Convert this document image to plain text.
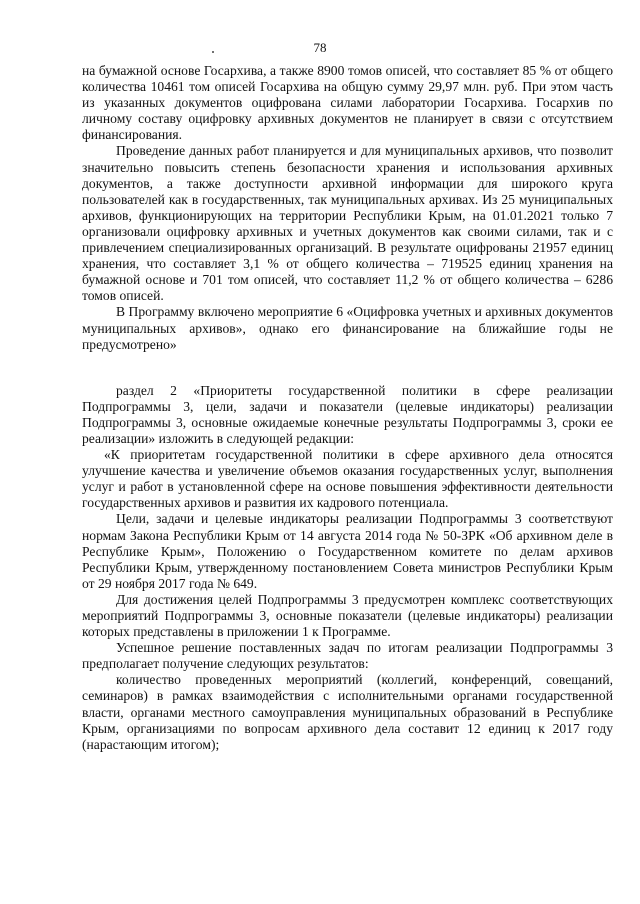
78

на бумажной основе Госархива, а также 8900 томов описей, что составляет 85 % от общего количества 10461 том описей Госархива на общую сумму 29,97 млн. руб. При этом часть из указанных документов оцифрована силами лаборатории Госархива. Госархив по личному составу оцифровку архивных документов не планирует в связи с отсутствием финансирования.

Проведение данных работ планируется и для муниципальных архивов, что позволит значительно повысить степень безопасности хранения и использования архивных документов, а также доступности архивной информации для широкого круга пользователей как в государственных, так муниципальных архивах. Из 25 муниципальных архивов, функционирующих на территории Республики Крым, на 01.01.2021 только 7 организовали оцифровку архивных и учетных документов как своими силами, так и с привлечением специализированных организаций. В результате оцифрованы 21957 единиц хранения, что составляет 3,1 % от общего количества – 719525 единиц хранения на бумажной основе и 701 том описей, что составляет 11,2 % от общего количества – 6286 томов описей.

В Программу включено мероприятие 6 «Оцифровка учетных и архивных документов муниципальных архивов», однако его финансирование на ближайшие годы не предусмотрено»

раздел 2 «Приоритеты государственной политики в сфере реализации Подпрограммы 3, цели, задачи и показатели (целевые индикаторы) реализации Подпрограммы 3, основные ожидаемые конечные результаты Подпрограммы 3, сроки ее реализации» изложить в следующей редакции:

«К приоритетам государственной политики в сфере архивного дела относятся улучшение качества и увеличение объемов оказания государственных услуг, выполнения услуг и работ в установленной сфере на основе повышения эффективности деятельности государственных архивов и развития их кадрового потенциала.

Цели, задачи и целевые индикаторы реализации Подпрограммы 3 соответствуют нормам Закона Республики Крым от 14 августа 2014 года № 50-ЗРК «Об архивном деле в Республике Крым», Положению о Государственном комитете по делам архивов Республики Крым, утвержденному постановлением Совета министров Республики Крым от 29 ноября 2017 года № 649.

Для достижения целей Подпрограммы 3 предусмотрен комплекс соответствующих мероприятий Подпрограммы 3, основные показатели (целевые индикаторы) реализации которых представлены в приложении 1 к Программе.

Успешное решение поставленных задач по итогам реализации Подпрограммы 3 предполагает получение следующих результатов:

количество проведенных мероприятий (коллегий, конференций, совещаний, семинаров) в рамках взаимодействия с исполнительными органами государственной власти, органами местного самоуправления муниципальных образований в Республике Крым, организациями по вопросам архивного дела составит 12 единиц к 2017 году (нарастающим итогом);
